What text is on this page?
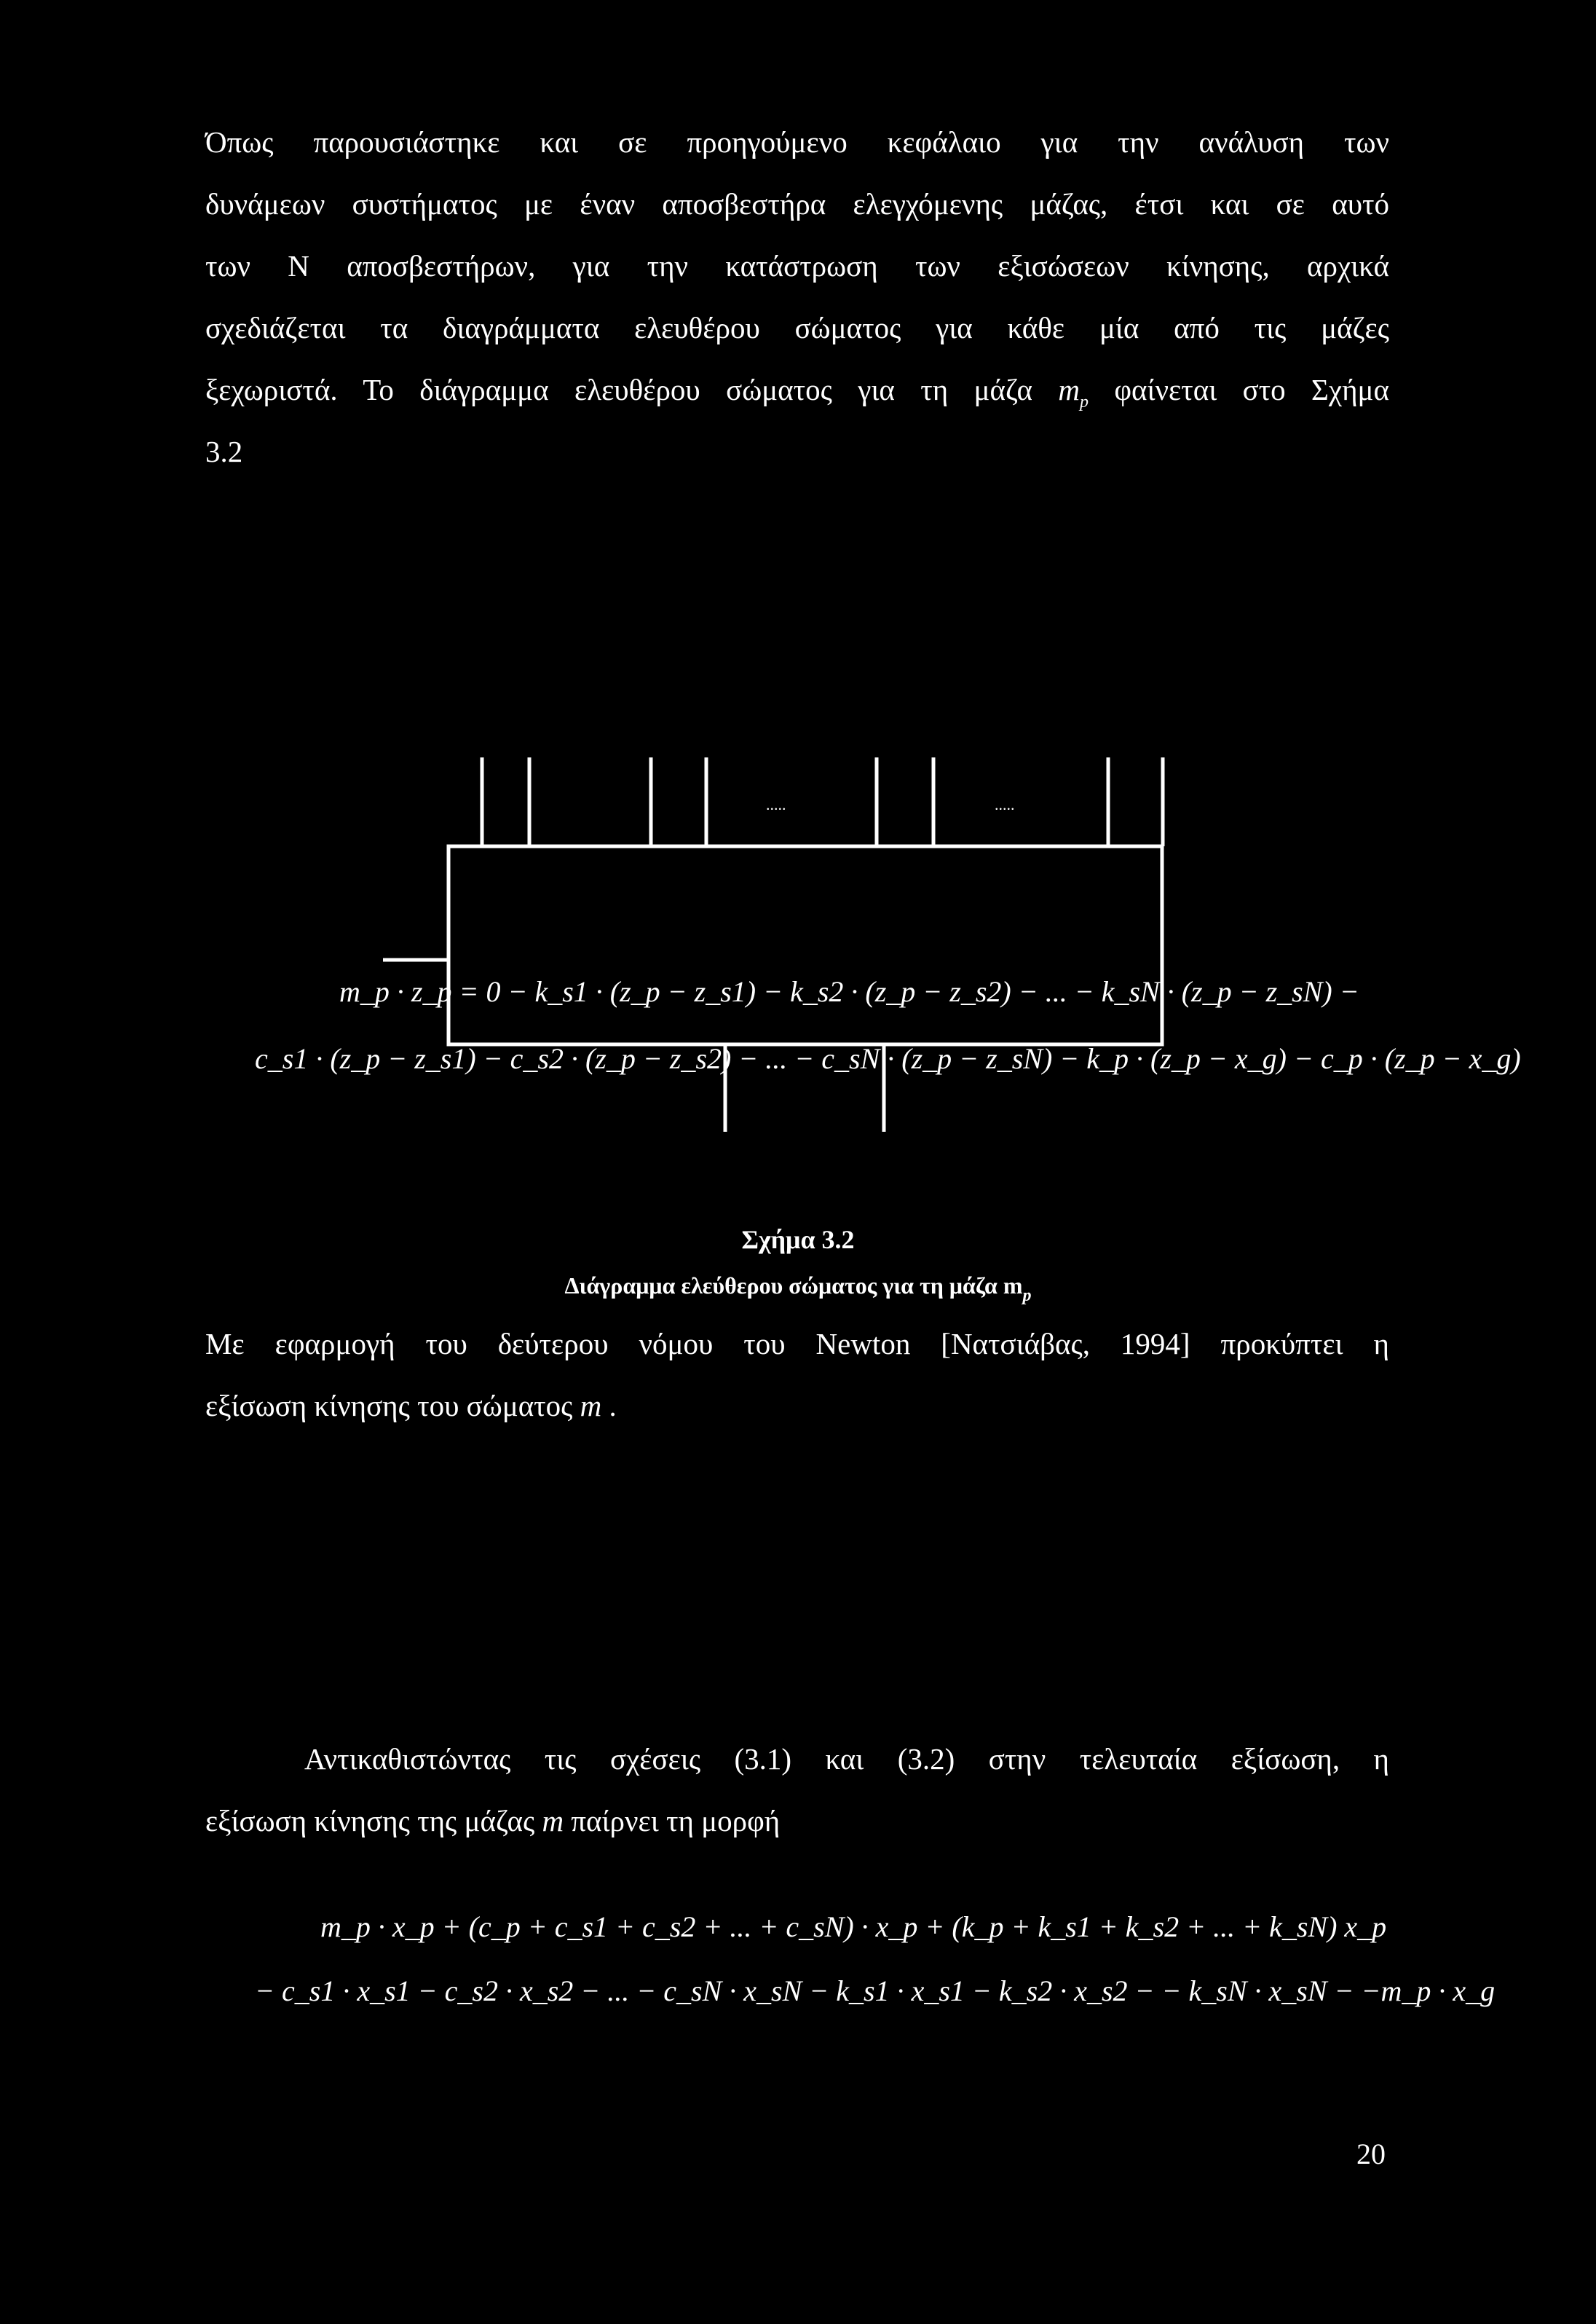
Όπως παρουσιάστηκε και σε προηγούμενο κεφάλαιο για την ανάλυση των
δυνάμεων συστήματος με έναν αποσβεστήρα ελεγχόμενης μάζας, έτσι και σε αυτό
των Ν αποσβεστήρων, για την κατάστρωση των εξισώσεων κίνησης, αρχικά
σχεδιάζεται τα διαγράμματα ελευθέρου σώματος για κάθε μία από τις μάζες
ξεχωριστά. Το διάγραμμα ελευθέρου σώματος για τη μάζα $m_p$ φαίνεται στο Σχήμα
3.2
.....	.....
Σχήμα 3.2
Διάγραμμα ελεύθερου σώματος για τη μάζα $m_p$
Με εφαρμογή του δεύτερου νόμου του Newton [Νατσιάβας, 1994] προκύπτει η
εξίσωση κίνησης του σώματος m .
m_p · z_p = 0 − k_s1 · (z_p − z_s1) − k_s2 · (z_p − z_s2) − ... − k_sN · (z_p − z_sN) −
c_s1 · (z_p − z_s1) − c_s2 · (z_p − z_s2) − ... − c_sN · (z_p − z_sN) − k_p · (z_p − x_g) − c_p · (z_p − x_g)
Αντικαθιστώντας τις σχέσεις (3.1) και (3.2) στην τελευταία εξίσωση, η
εξίσωση κίνησης της μάζας m παίρνει τη μορφή
m_p · x_p + (c_p + c_s1 + c_s2 + ... + c_sN) · x_p + (k_p + k_s1 + k_s2 + ... + k_sN) x_p
− c_s1 · x_s1 − c_s2 · x_s2 − ... − c_sN · x_sN − k_s1 · x_s1 − k_s2 · x_s2 − − k_sN · x_sN − −m_p · x_g
20
